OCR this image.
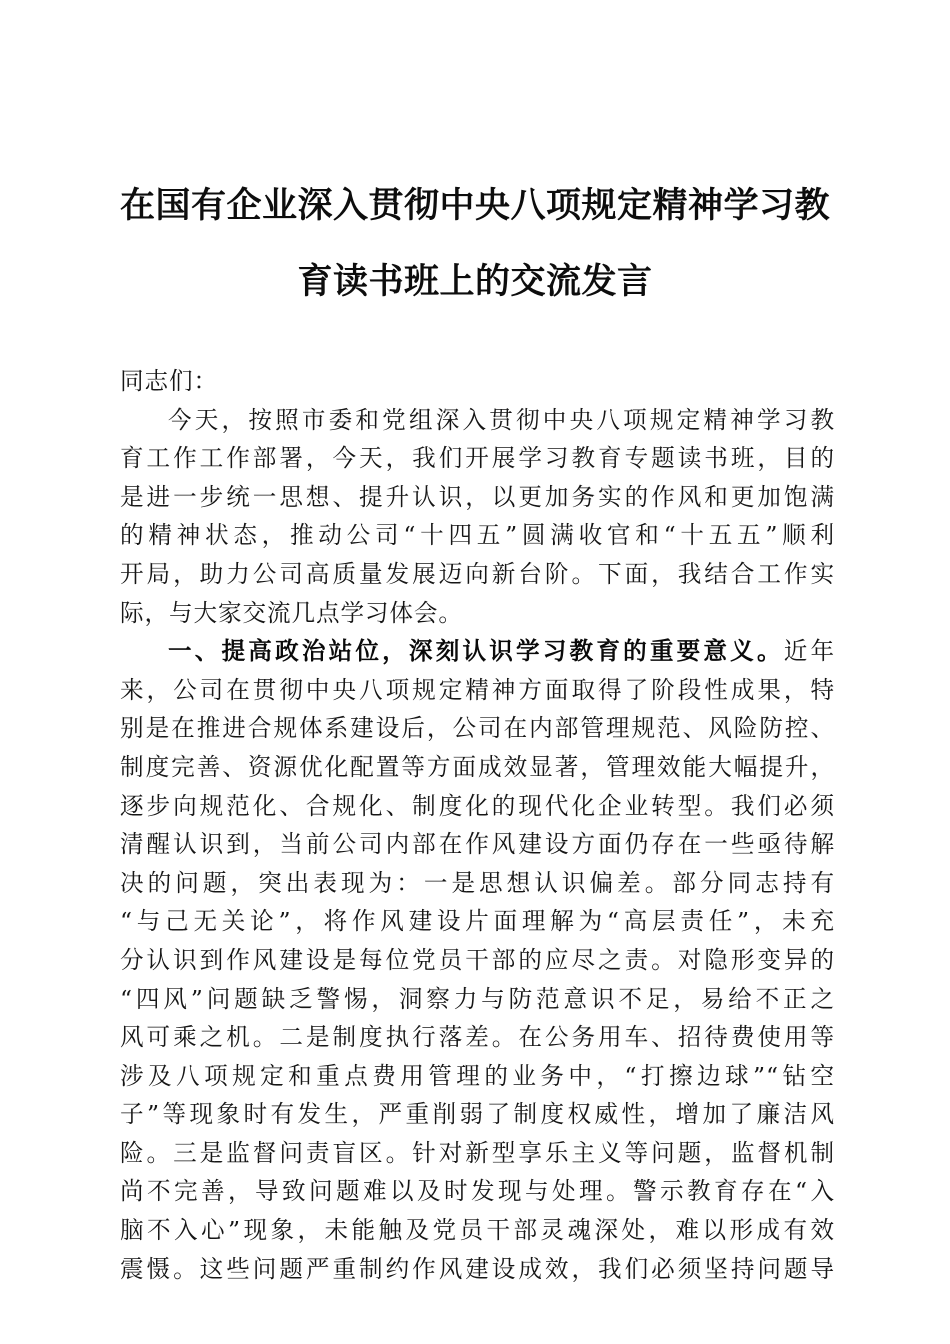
在国有企业深入贯彻中央八项规定精神学习教
育读书班上的交流发言
同志们：
今天，按照市委和党组深入贯彻中央八项规定精神学习教
育工作工作部署，今天，我们开展学习教育专题读书班，目的
是进一步统一思想、提升认识，以更加务实的作风和更加饱满
的精神状态，推动公司“十四五”圆满收官和“十五五”顺利
开局，助力公司高质量发展迈向新台阶。下面，我结合工作实
际，与大家交流几点学习体会。
一、提高政治站位，深刻认识学习教育的重要意义。近年
来，公司在贯彻中央八项规定精神方面取得了阶段性成果，特
别是在推进合规体系建设后，公司在内部管理规范、风险防控、
制度完善、资源优化配置等方面成效显著，管理效能大幅提升，
逐步向规范化、合规化、制度化的现代化企业转型。我们必须
清醒认识到，当前公司内部在作风建设方面仍存在一些亟待解
决的问题，突出表现为：一是思想认识偏差。部分同志持有
“与己无关论”，将作风建设片面理解为“高层责任”，未充
分认识到作风建设是每位党员干部的应尽之责。对隐形变异的
“四风”问题缺乏警惕，洞察力与防范意识不足，易给不正之
风可乘之机。二是制度执行落差。在公务用车、招待费使用等
涉及八项规定和重点费用管理的业务中，“打擦边球”“钻空
子”等现象时有发生，严重削弱了制度权威性，增加了廉洁风
险。三是监督问责盲区。针对新型享乐主义等问题，监督机制
尚不完善，导致问题难以及时发现与处理。警示教育存在“入
脑不入心”现象，未能触及党员干部灵魂深处，难以形成有效
震慑。这些问题严重制约作风建设成效，我们必须坚持问题导
